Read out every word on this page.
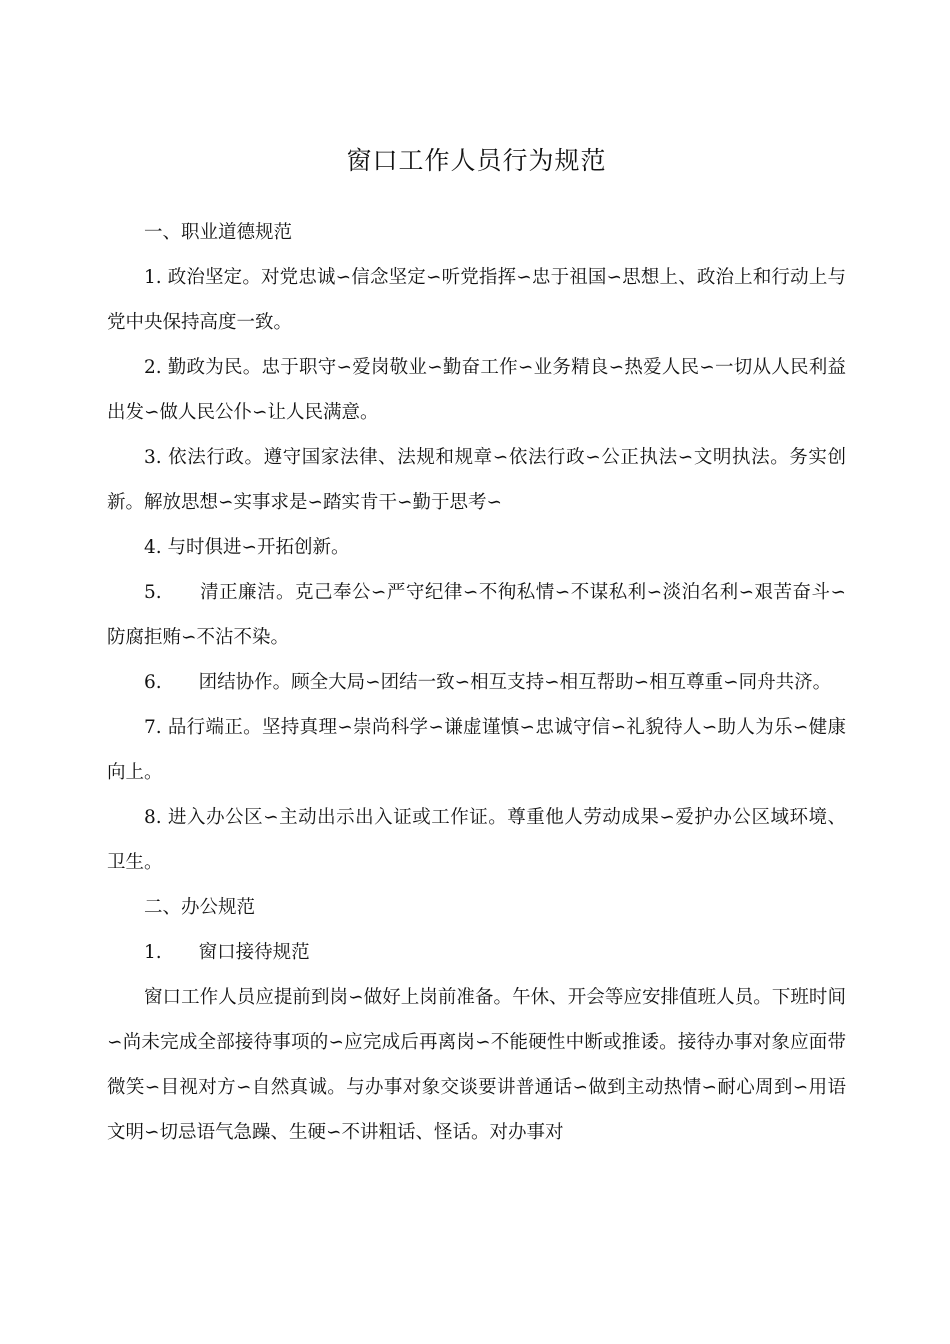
窗口工作人员行为规范

一、职业道德规范

1. 政治坚定。对党忠诚∽信念坚定∽听党指挥∽忠于祖国∽思想上、政治上和行动上与党中央保持高度一致。

2. 勤政为民。忠于职守∽爱岗敬业∽勤奋工作∽业务精良∽热爱人民∽一切从人民利益出发∽做人民公仆∽让人民满意。

3. 依法行政。遵守国家法律、法规和规章∽依法行政∽公正执法∽文明执法。务实创新。解放思想∽实事求是∽踏实肯干∽勤于思考∽

4. 与时俱进∽开拓创新。

5.　　清正廉洁。克己奉公∽严守纪律∽不徇私情∽不谋私利∽淡泊名利∽艰苦奋斗∽防腐拒贿∽不沾不染。

6.　　团结协作。顾全大局∽团结一致∽相互支持∽相互帮助∽相互尊重∽同舟共济。

7. 品行端正。坚持真理∽崇尚科学∽谦虚谨慎∽忠诚守信∽礼貌待人∽助人为乐∽健康向上。

8. 进入办公区∽主动出示出入证或工作证。尊重他人劳动成果∽爱护办公区域环境、卫生。

二、办公规范

1.　　窗口接待规范

窗口工作人员应提前到岗∽做好上岗前准备。午休、开会等应安排值班人员。下班时间∽尚未完成全部接待事项的∽应完成后再离岗∽不能硬性中断或推诿。接待办事对象应面带微笑∽目视对方∽自然真诚。与办事对象交谈要讲普通话∽做到主动热情∽耐心周到∽用语文明∽切忌语气急躁、生硬∽不讲粗话、怪话。对办事对
